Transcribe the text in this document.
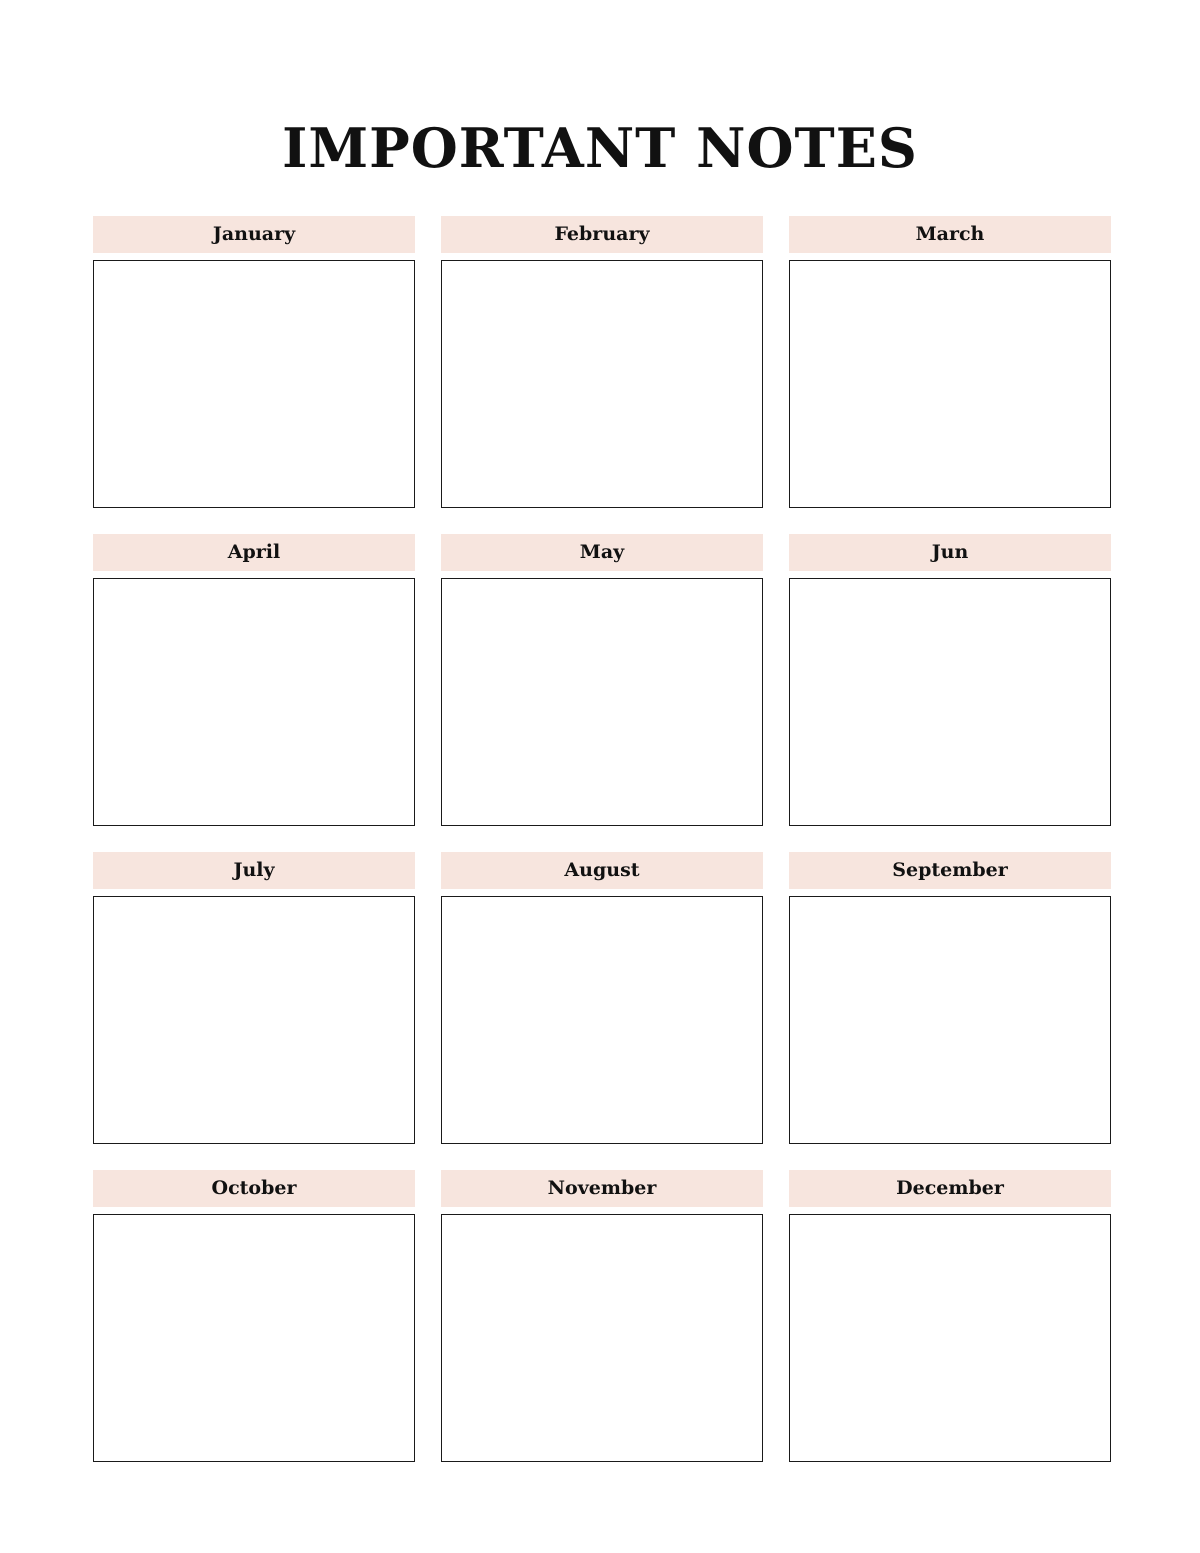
IMPORTANT NOTES
January	February	March
April	May	Jun
July	August	September
October	November	December
